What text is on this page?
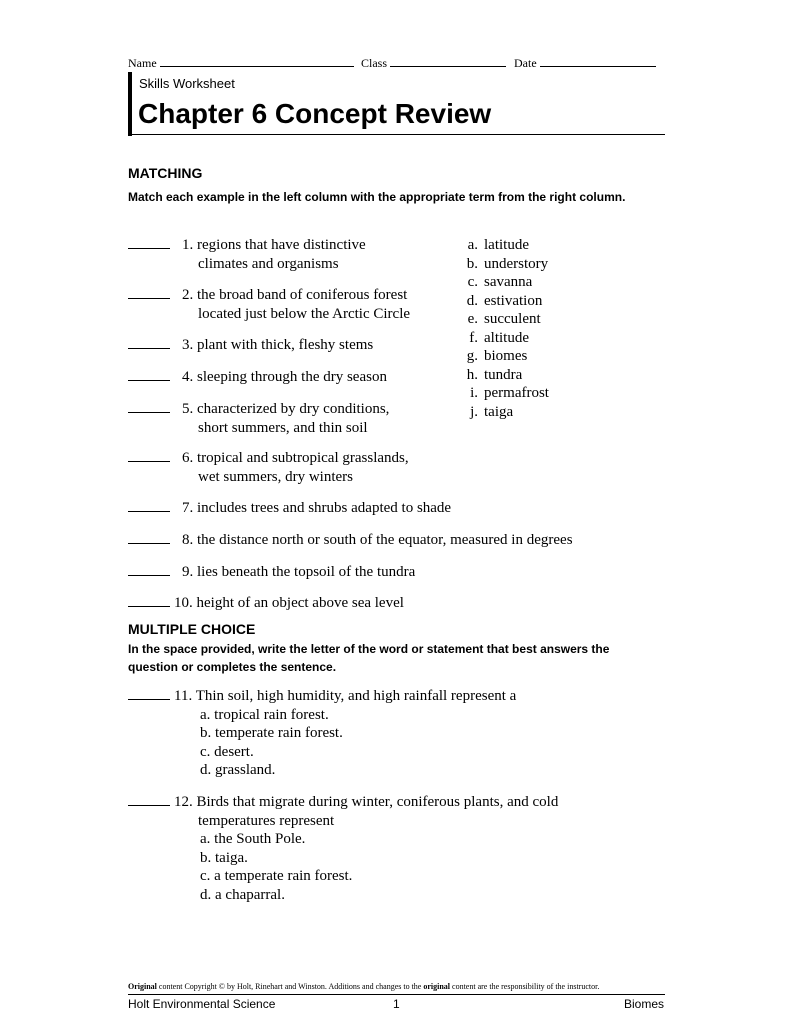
Name	Class	Date
Skills Worksheet
Chapter 6 Concept Review
MATCHING
Match each example in the left column with the appropriate term from the right column.
1. regions that have distinctive
climates and organisms
2. the broad band of coniferous forest
located just below the Arctic Circle
3. plant with thick, fleshy stems
4. sleeping through the dry season
5. characterized by dry conditions,
short summers, and thin soil
6. tropical and subtropical grasslands,
wet summers, dry winters
7. includes trees and shrubs adapted to shade
8. the distance north or south of the equator, measured in degrees
9. lies beneath the topsoil of the tundra
10. height of an object above sea level
a. latitude
b. understory
c. savanna
d. estivation
e. succulent
f. altitude
g. biomes
h. tundra
i. permafrost
j. taiga
MULTIPLE CHOICE
In the space provided, write the letter of the word or statement that best answers the question or completes the sentence.
11. Thin soil, high humidity, and high rainfall represent a
a. tropical rain forest.
b. temperate rain forest.
c. desert.
d. grassland.
12. Birds that migrate during winter, coniferous plants, and cold
temperatures represent
a. the South Pole.
b. taiga.
c. a temperate rain forest.
d. a chaparral.
Original content Copyright © by Holt, Rinehart and Winston. Additions and changes to the original content are the responsibility of the instructor.
Holt Environmental Science	1	Biomes
